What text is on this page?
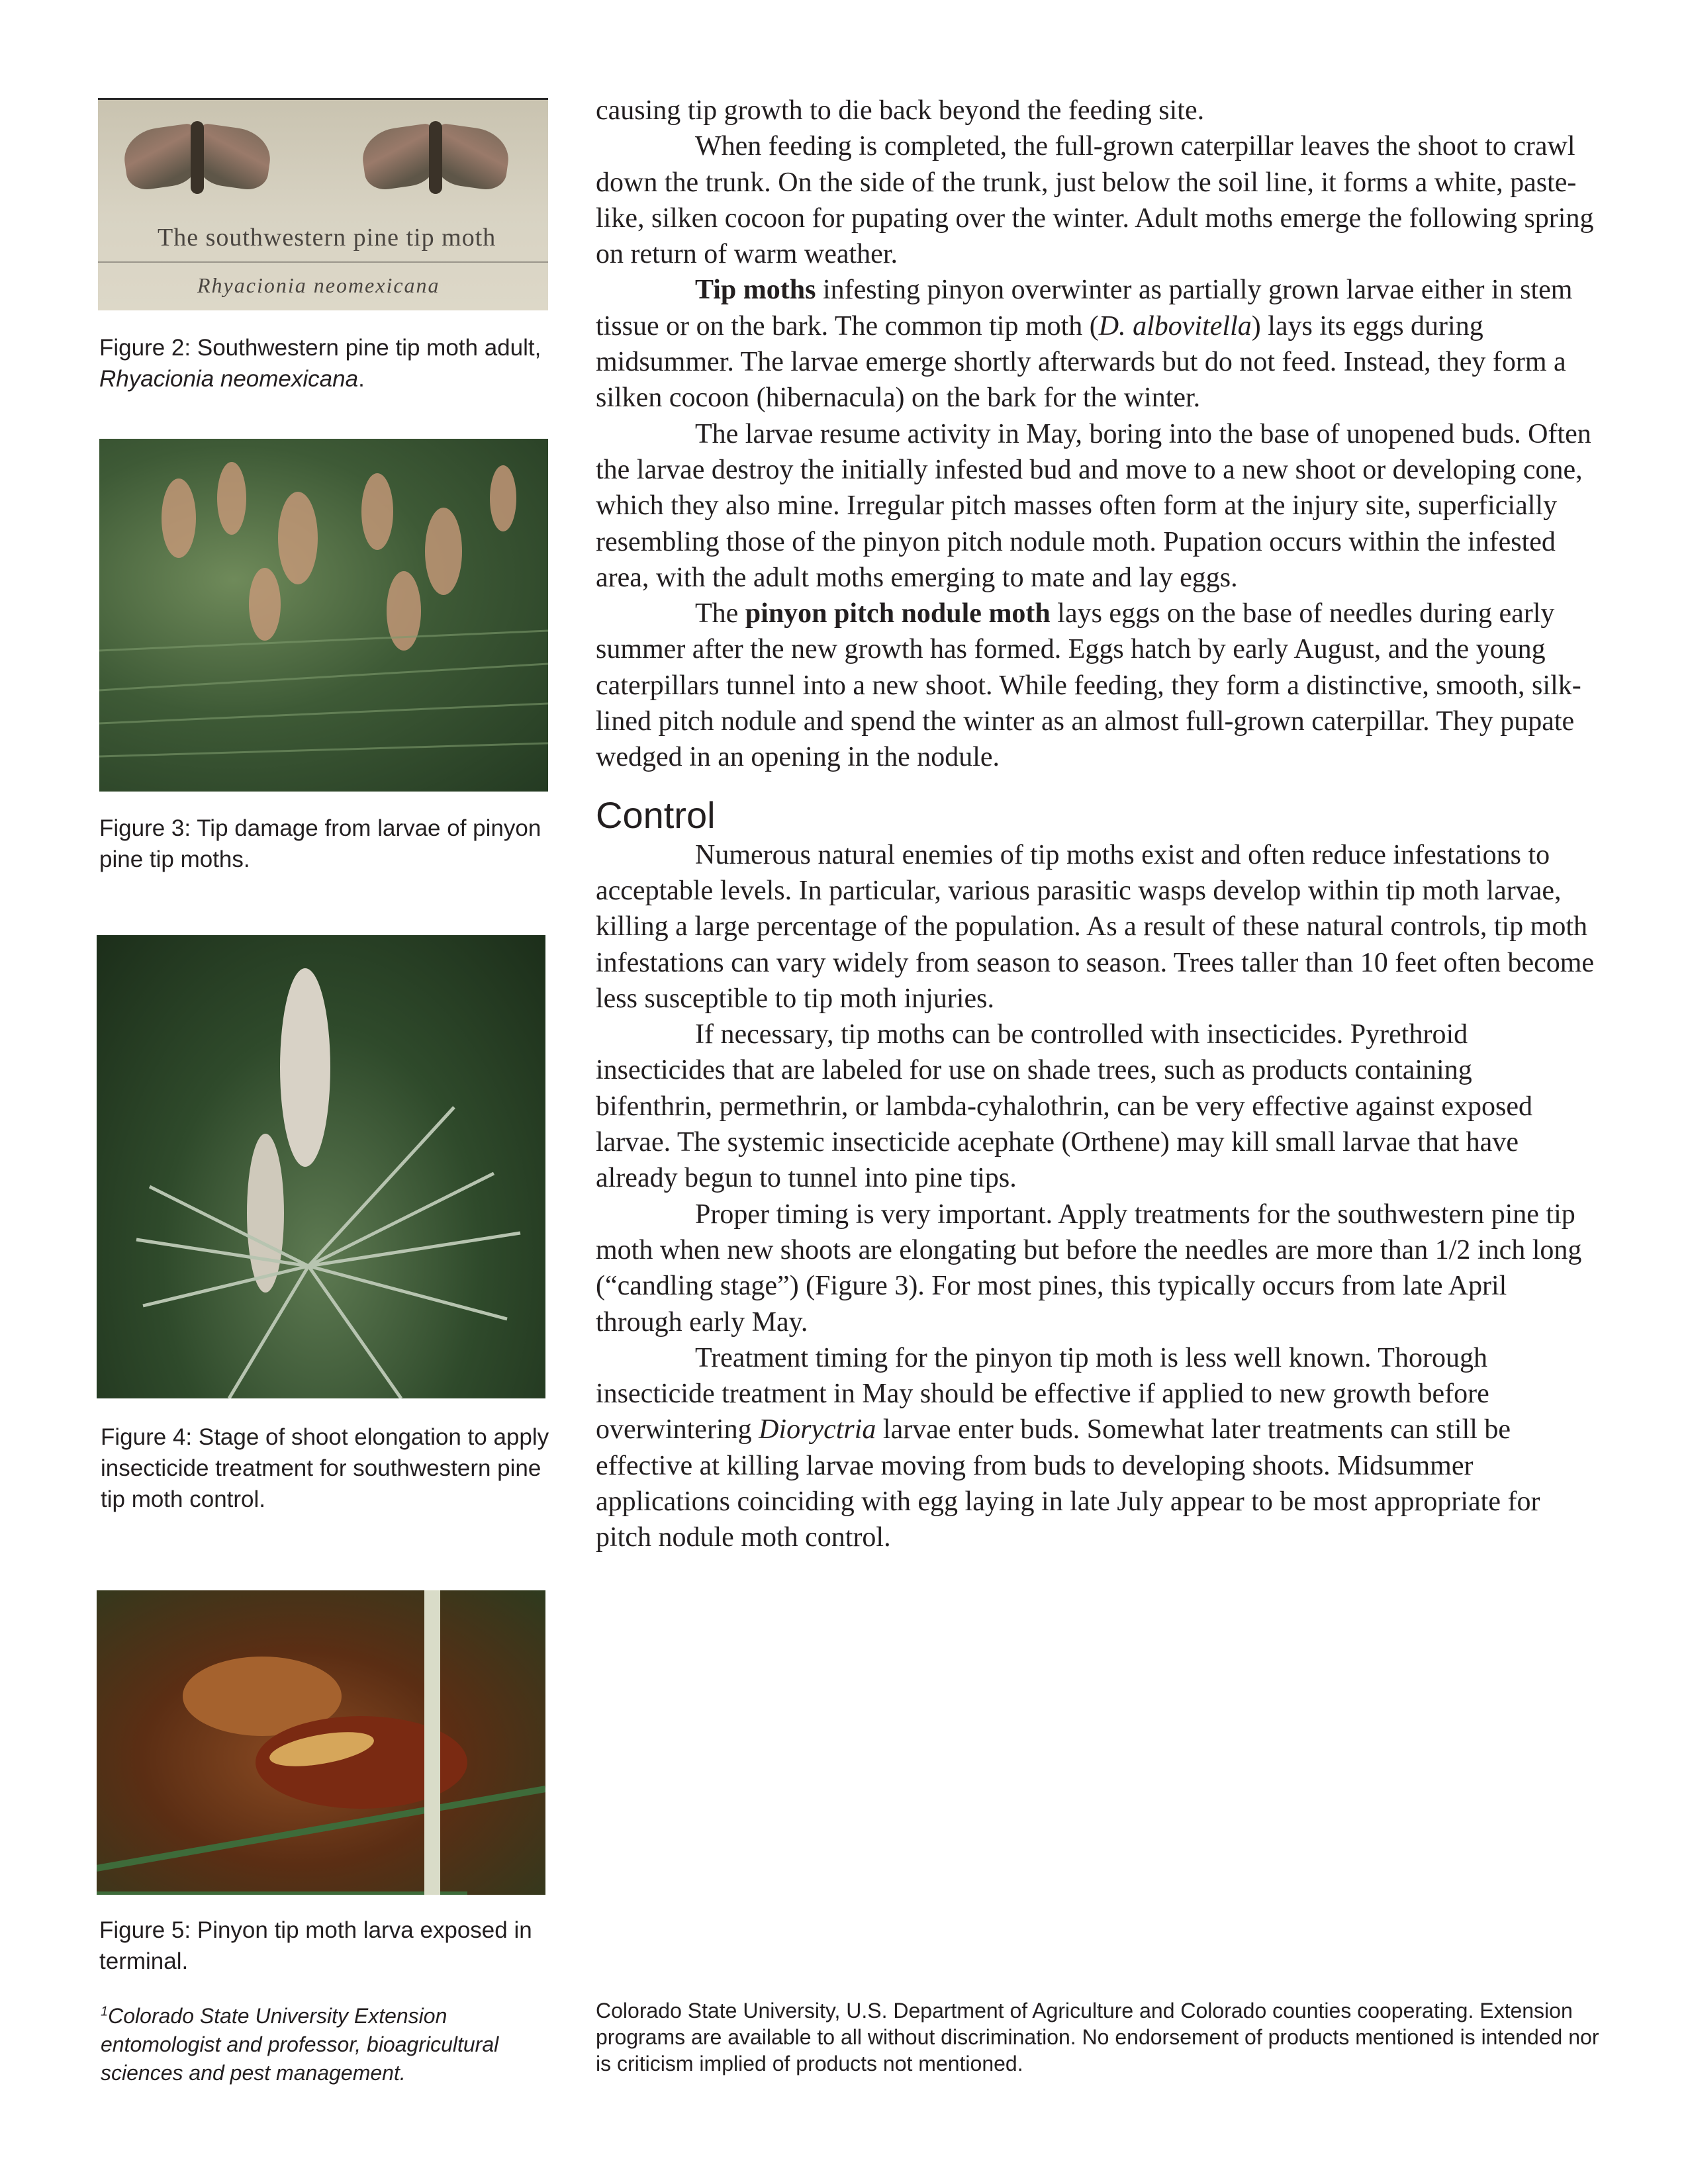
The southwestern pine tip moth
Rhyacionia neomexicana
Figure 2: Southwestern pine tip moth adult, Rhyacionia neomexicana.
Figure 3: Tip damage from larvae of pinyon pine tip moths.
Figure 4: Stage of shoot elongation to apply insecticide treatment for southwestern pine tip moth control.
Figure 5: Pinyon tip moth larva exposed in terminal.
$^1$Colorado State University Extension entomologist and professor, bioagricultural sciences and pest management.

causing tip growth to die back beyond the feeding site.

When feeding is completed, the full-grown caterpillar leaves the shoot to crawl down the trunk. On the side of the trunk, just below the soil line, it forms a white, paste-like, silken cocoon for pupating over the winter. Adult moths emerge the following spring on return of warm weather.

Tip moths infesting pinyon overwinter as partially grown larvae either in stem tissue or on the bark. The common tip moth (D. albovitella) lays its eggs during midsummer. The larvae emerge shortly afterwards but do not feed. Instead, they form a silken cocoon (hibernacula) on the bark for the winter.

The larvae resume activity in May, boring into the base of unopened buds. Often the larvae destroy the initially infested bud and move to a new shoot or developing cone, which they also mine. Irregular pitch masses often form at the injury site, superficially resembling those of the pinyon pitch nodule moth. Pupation occurs within the infested area, with the adult moths emerging to mate and lay eggs.

The pinyon pitch nodule moth lays eggs on the base of needles during early summer after the new growth has formed. Eggs hatch by early August, and the young caterpillars tunnel into a new shoot. While feeding, they form a distinctive, smooth, silk-lined pitch nodule and spend the winter as an almost full-grown caterpillar. They pupate wedged in an opening in the nodule.

Control

Numerous natural enemies of tip moths exist and often reduce infestations to acceptable levels. In particular, various parasitic wasps develop within tip moth larvae, killing a large percentage of the population. As a result of these natural controls, tip moth infestations can vary widely from season to season. Trees taller than 10 feet often become less susceptible to tip moth injuries.

If necessary, tip moths can be controlled with insecticides. Pyrethroid insecticides that are labeled for use on shade trees, such as products containing bifenthrin, permethrin, or lambda-cyhalothrin, can be very effective against exposed larvae. The systemic insecticide acephate (Orthene) may kill small larvae that have already begun to tunnel into pine tips.

Proper timing is very important. Apply treatments for the southwestern pine tip moth when new shoots are elongating but before the needles are more than 1/2 inch long (“candling stage”) (Figure 3). For most pines, this typically occurs from late April through early May.

Treatment timing for the pinyon tip moth is less well known. Thorough insecticide treatment in May should be effective if applied to new growth before overwintering Dioryctria larvae enter buds. Somewhat later treatments can still be effective at killing larvae moving from buds to developing shoots. Midsummer applications coinciding with egg laying in late July appear to be most appropriate for pitch nodule moth control.

Colorado State University, U.S. Department of Agriculture and Colorado counties cooperating. Extension programs are available to all without discrimination. No endorsement of products mentioned is intended nor is criticism implied of products not mentioned.
